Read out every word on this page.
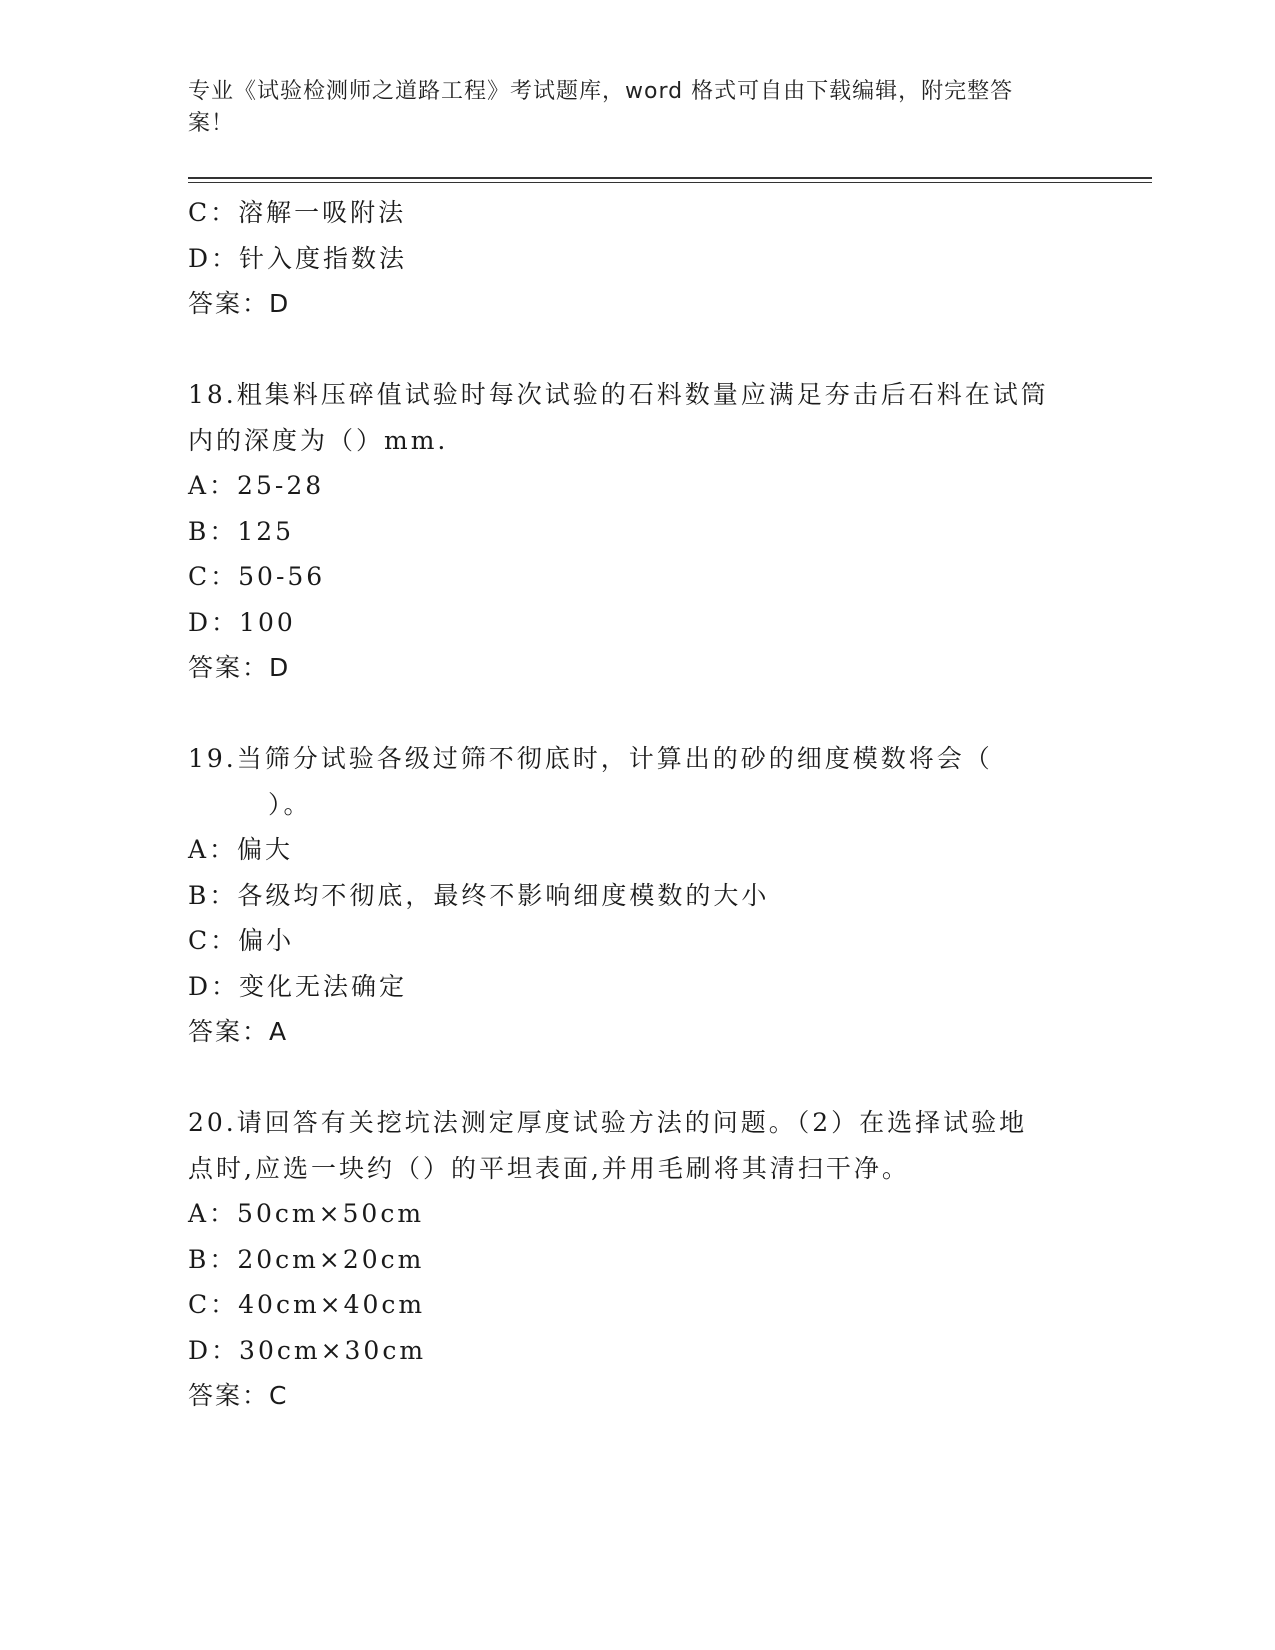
专业《试验检测师之道路工程》考试题库，word 格式可自由下载编辑，附完整答
案！
C：溶解一吸附法
D：针入度指数法
答案：D
18.粗集料压碎值试验时每次试验的石料数量应满足夯击后石料在试筒
内的深度为（）mm.
A：25-28
B：125
C：50-56
D：100
答案：D
19.当筛分试验各级过筛不彻底时，计算出的砂的细度模数将会（
）。
A：偏大
B：各级均不彻底，最终不影响细度模数的大小
C：偏小
D：变化无法确定
答案：A
20.请回答有关挖坑法测定厚度试验方法的问题。（2）在选择试验地
点时,应选一块约（）的平坦表面,并用毛刷将其清扫干净。
A：50cm×50cm
B：20cm×20cm
C：40cm×40cm
D：30cm×30cm
答案：C
